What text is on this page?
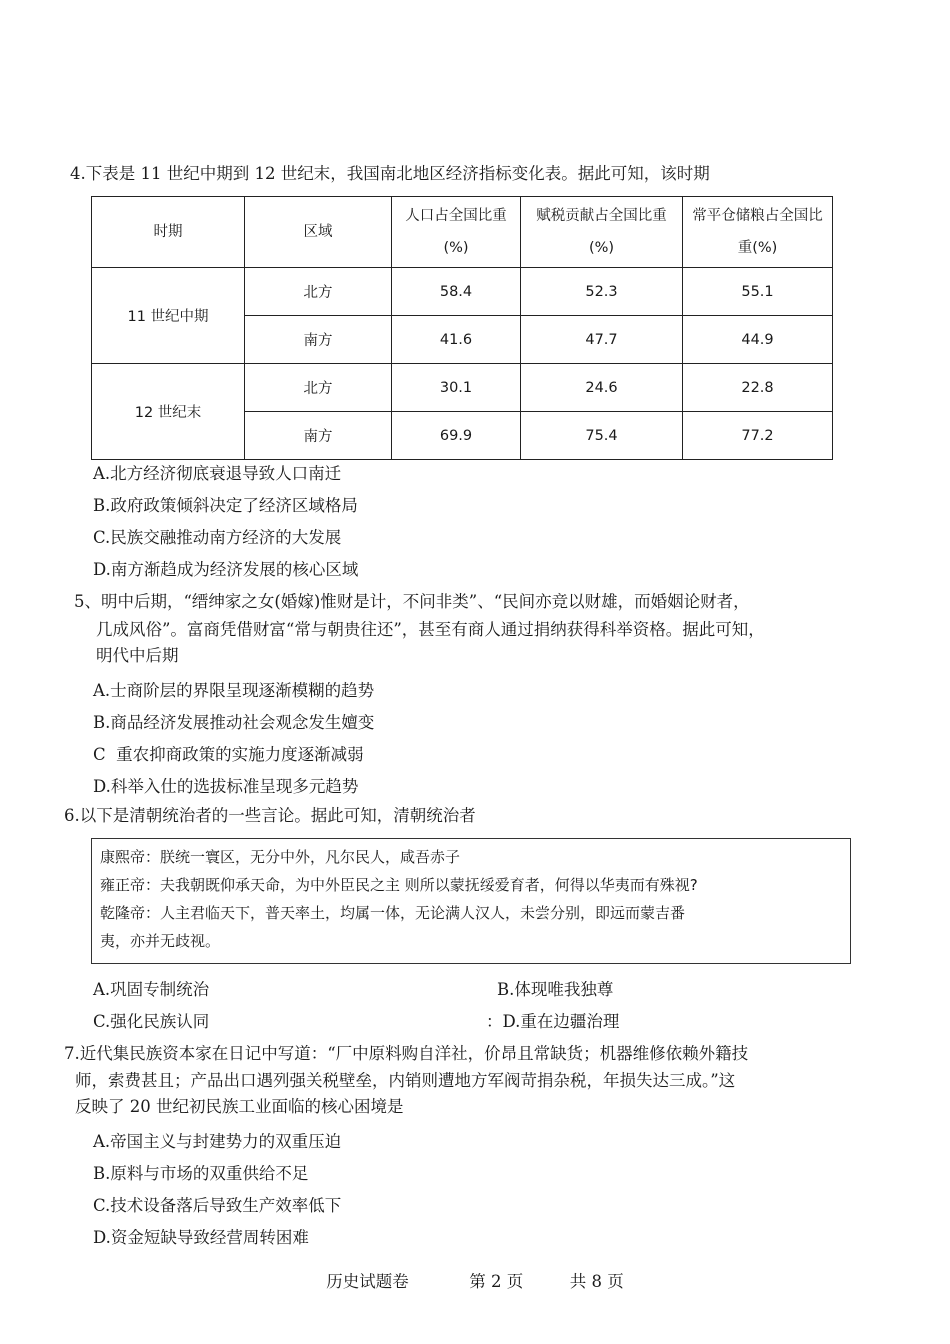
4.下表是 11 世纪中期到 12 世纪末，我国南北地区经济指标变化表。据此可知，该时期
时期	区域	人口占全国比重(%)	赋税贡献占全国比重 (%)	常平仓储粮占全国比重(%)
11 世纪中期	北方	58.4	52.3	55.1
	南方	41.6	47.7	44.9
12 世纪末	北方	30.1	24.6	22.8
	南方	69.9	75.4	77.2
A.北方经济彻底衰退导致人口南迁
B.政府政策倾斜决定了经济区域格局
C.民族交融推动南方经济的大发展
D.南方渐趋成为经济发展的核心区域
5、明中后期，“缙绅家之女(婚嫁)惟财是计，不问非类”、“民间亦竞以财雄，而婚姻论财者，
几成风俗”。富商凭借财富“常与朝贵往还”，甚至有商人通过捐纳获得科举资格。据此可知，
明代中后期
A.士商阶层的界限呈现逐渐模糊的趋势
B.商品经济发展推动社会观念发生嬗变
C  重农抑商政策的实施力度逐渐减弱
D.科举入仕的选拔标准呈现多元趋势
6.以下是清朝统治者的一些言论。据此可知，清朝统治者
康熙帝：朕统一寰区，无分中外，凡尔民人，咸吾赤子
雍正帝：夫我朝既仰承天命，为中外臣民之主 则所以蒙抚绥爱育者，何得以华夷而有殊视?
乾隆帝：人主君临天下，普天率土，均属一体，无论满人汉人，未尝分别，即远而蒙吉番
夷，亦并无歧视。
A.巩固专制统治	B.体现唯我独尊
C.强化民族认同	：D.重在边疆治理
7.近代集民族资本家在日记中写道：“厂中原料购自洋社，价昂且常缺货；机器维修依赖外籍技
师，索费甚且；产品出口遇列强关税壁垒，内销则遭地方军阀苛捐杂税，年损失达三成。”这
反映了 20 世纪初民族工业面临的核心困境是
A.帝国主义与封建势力的双重压迫
B.原料与市场的双重供给不足
C.技术设备落后导致生产效率低下
D.资金短缺导致经营周转困难
历史试题卷	第 2 页	共 8 页
